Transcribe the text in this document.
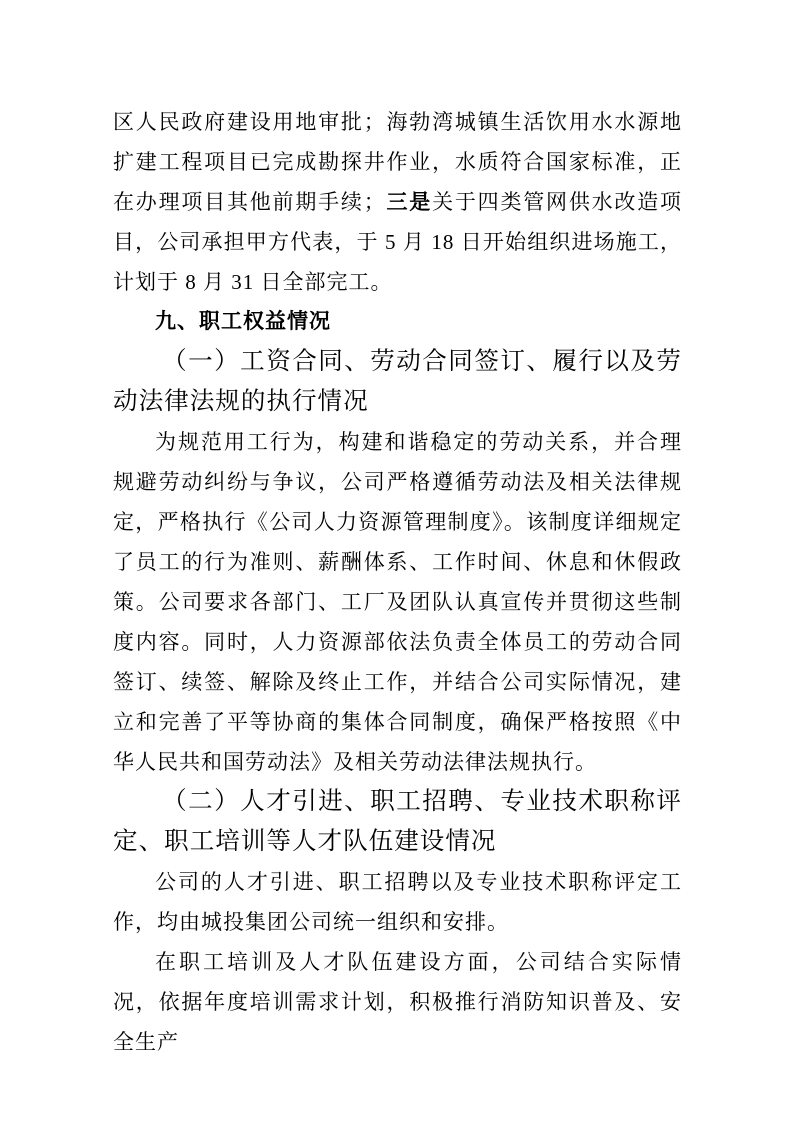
区人民政府建设用地审批；海勃湾城镇生活饮用水水源地扩建工程项目已完成勘探井作业，水质符合国家标准，正在办理项目其他前期手续；三是关于四类管网供水改造项目，公司承担甲方代表，于 5 月 18 日开始组织进场施工，计划于 8 月 31 日全部完工。

九、职工权益情况
（一）工资合同、劳动合同签订、履行以及劳动法律法规的执行情况

为规范用工行为，构建和谐稳定的劳动关系，并合理规避劳动纠纷与争议，公司严格遵循劳动法及相关法律规定，严格执行《公司人力资源管理制度》。该制度详细规定了员工的行为准则、薪酬体系、工作时间、休息和休假政策。公司要求各部门、工厂及团队认真宣传并贯彻这些制度内容。同时，人力资源部依法负责全体员工的劳动合同签订、续签、解除及终止工作，并结合公司实际情况，建立和完善了平等协商的集体合同制度，确保严格按照《中华人民共和国劳动法》及相关劳动法律法规执行。

（二）人才引进、职工招聘、专业技术职称评定、职工培训等人才队伍建设情况

公司的人才引进、职工招聘以及专业技术职称评定工作，均由城投集团公司统一组织和安排。

在职工培训及人才队伍建设方面，公司结合实际情况，依据年度培训需求计划，积极推行消防知识普及、安全生产
